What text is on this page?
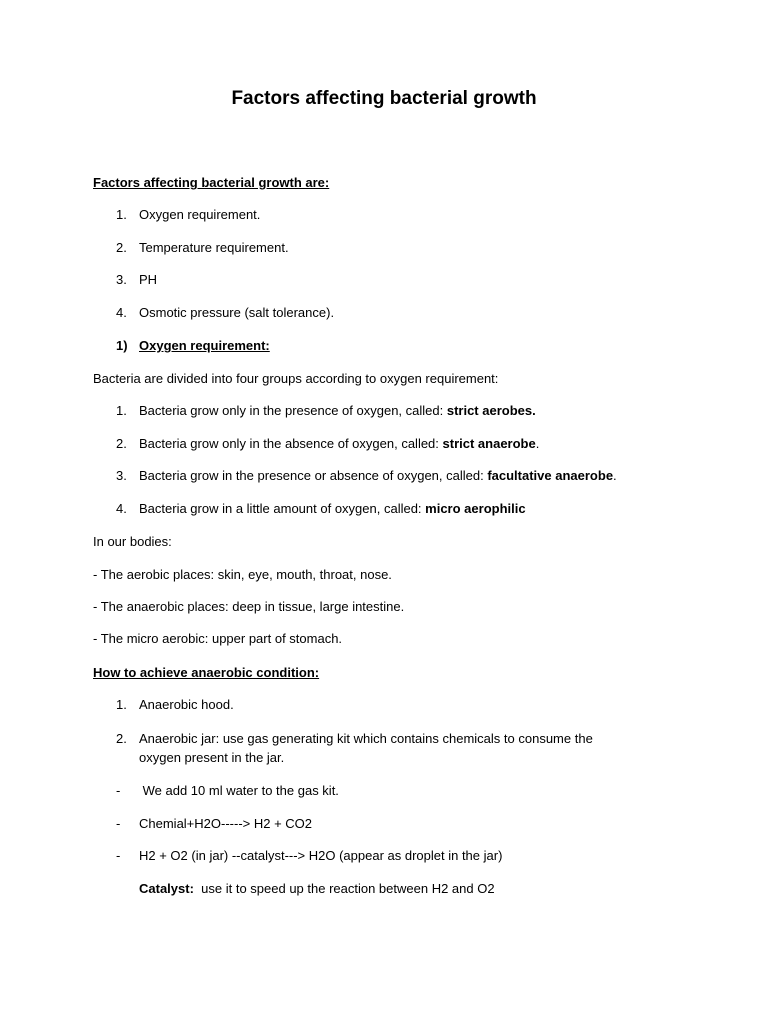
Factors affecting bacterial growth
Factors affecting bacterial growth are:
1. Oxygen requirement.
2. Temperature requirement.
3. PH
4. Osmotic pressure (salt tolerance).
1) Oxygen requirement:
Bacteria are divided into four groups according to oxygen requirement:
1. Bacteria grow only in the presence of oxygen, called: strict aerobes.
2. Bacteria grow only in the absence of oxygen, called: strict anaerobe.
3. Bacteria grow in the presence or absence of oxygen, called: facultative anaerobe.
4. Bacteria grow in a little amount of oxygen, called: micro aerophilic
In our bodies:
- The aerobic places: skin, eye, mouth, throat, nose.
- The anaerobic places: deep in tissue, large intestine.
- The micro aerobic: upper part of stomach.
How to achieve anaerobic condition:
1. Anaerobic hood.
2. Anaerobic jar: use gas generating kit which contains chemicals to consume the
oxygen present in the jar.
- We add 10 ml water to the gas kit.
- Chemial+H2O-----> H2 + CO2
- H2 + O2 (in jar) --catalyst---> H2O (appear as droplet in the jar)
Catalyst:  use it to speed up the reaction between H2 and O2
